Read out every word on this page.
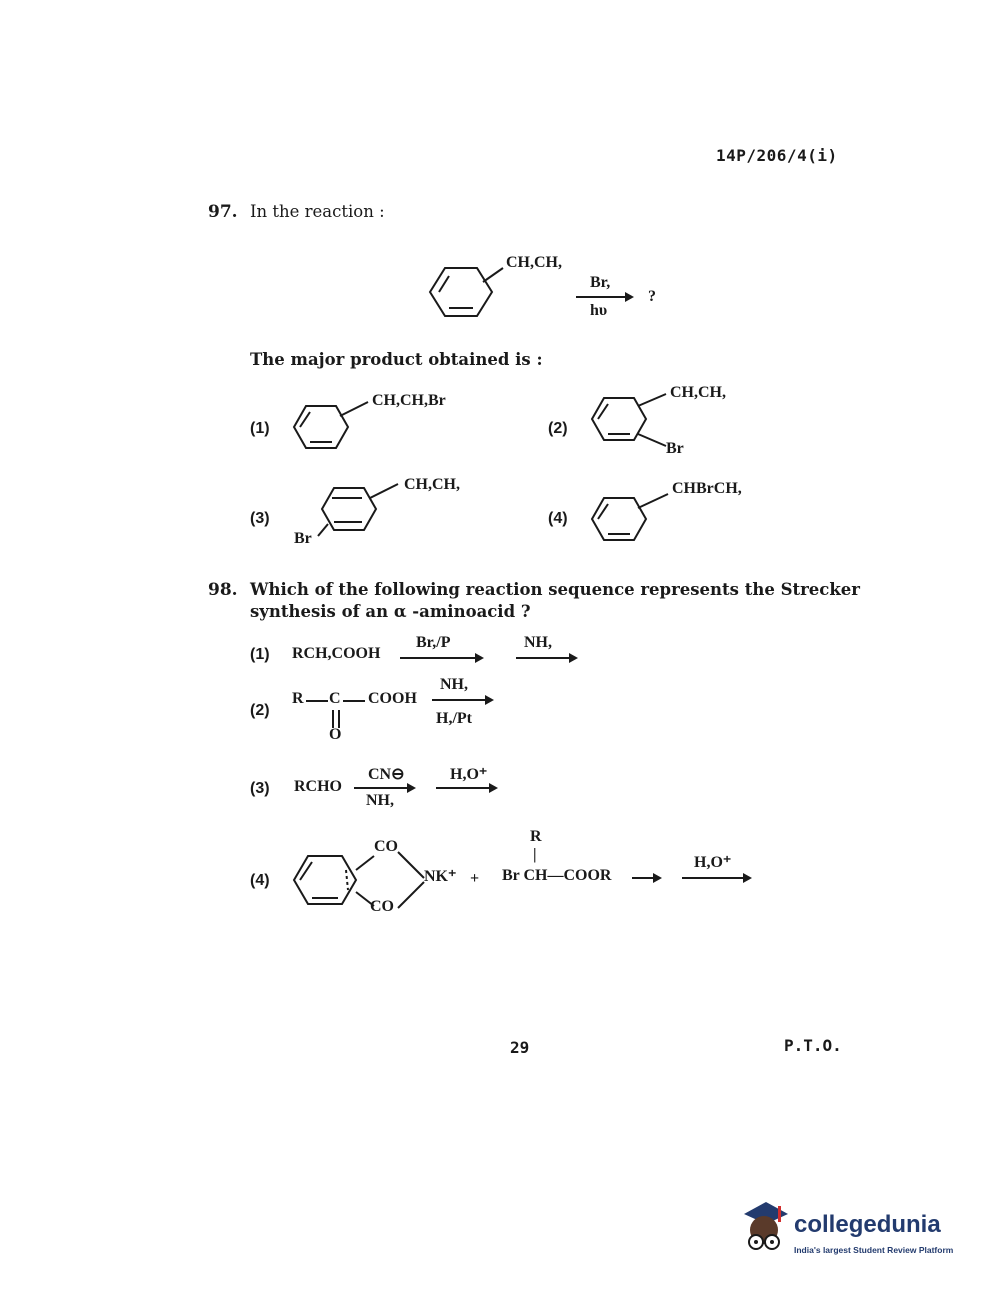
14P/206/4(i)
97. In the reaction :
CH,CH,
Br,
hυ
?
The major product obtained is :
(1)
CH,CH,Br
(2)
CH,CH,
Br
(3)
CH,CH,
Br
(4)
CHBrCH,
98. Which of the following reaction sequence represents the Strecker
synthesis of an α -aminoacid ?
(1) RCH,COOH
Br,/P	NH,
(2)
R C COOH
O
NH,
H,/Pt
(3) RCHO
CN⊖
NH,
H,O⁺
(4)
CO
CO
NK⁺ +
R
|
Br CH—COOR
H,O⁺
29	P.T.O.
collegedunia
India's largest Student Review Platform
